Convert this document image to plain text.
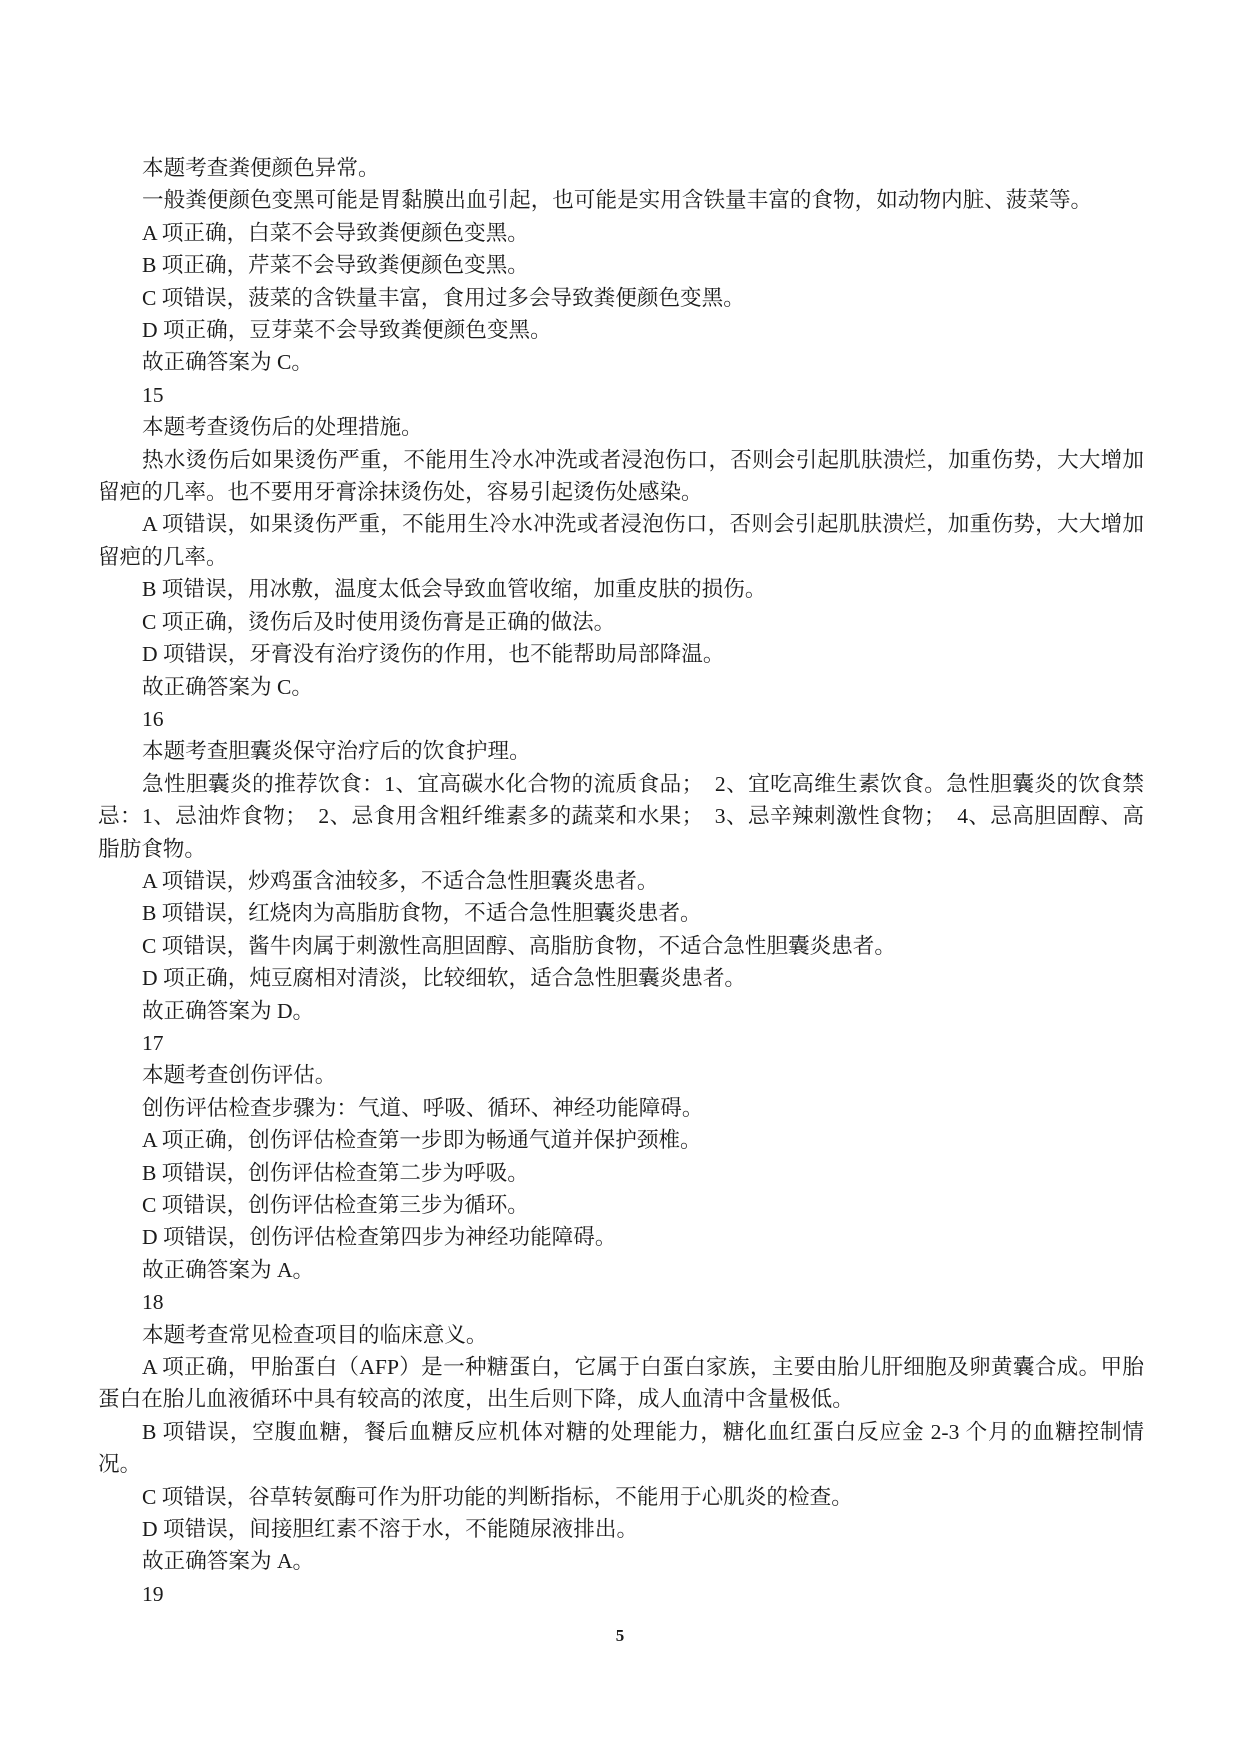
本题考查粪便颜色异常。

一般粪便颜色变黑可能是胃黏膜出血引起，也可能是实用含铁量丰富的食物，如动物内脏、菠菜等。

A 项正确，白菜不会导致粪便颜色变黑。

B 项正确，芹菜不会导致粪便颜色变黑。

C 项错误，菠菜的含铁量丰富，食用过多会导致粪便颜色变黑。

D 项正确，豆芽菜不会导致粪便颜色变黑。

故正确答案为 C。

15

本题考查烫伤后的处理措施。

热水烫伤后如果烫伤严重，不能用生冷水冲洗或者浸泡伤口，否则会引起肌肤溃烂，加重伤势，大大增加留疤的几率。也不要用牙膏涂抹烫伤处，容易引起烫伤处感染。

A 项错误，如果烫伤严重，不能用生冷水冲洗或者浸泡伤口，否则会引起肌肤溃烂，加重伤势，大大增加留疤的几率。

B 项错误，用冰敷，温度太低会导致血管收缩，加重皮肤的损伤。

C 项正确，烫伤后及时使用烫伤膏是正确的做法。

D 项错误，牙膏没有治疗烫伤的作用，也不能帮助局部降温。

故正确答案为 C。

16

本题考查胆囊炎保守治疗后的饮食护理。

急性胆囊炎的推荐饮食：1、宜高碳水化合物的流质食品；　2、宜吃高维生素饮食。急性胆囊炎的饮食禁忌：1、忌油炸食物；　2、忌食用含粗纤维素多的蔬菜和水果；　3、忌辛辣刺激性食物；　4、忌高胆固醇、高脂肪食物。

A 项错误，炒鸡蛋含油较多，不适合急性胆囊炎患者。

B 项错误，红烧肉为高脂肪食物，不适合急性胆囊炎患者。

C 项错误，酱牛肉属于刺激性高胆固醇、高脂肪食物，不适合急性胆囊炎患者。

D 项正确，炖豆腐相对清淡，比较细软，适合急性胆囊炎患者。

故正确答案为 D。

17

本题考查创伤评估。

创伤评估检查步骤为：气道、呼吸、循环、神经功能障碍。

A 项正确，创伤评估检查第一步即为畅通气道并保护颈椎。

B 项错误，创伤评估检查第二步为呼吸。

C 项错误，创伤评估检查第三步为循环。

D 项错误，创伤评估检查第四步为神经功能障碍。

故正确答案为 A。

18

本题考查常见检查项目的临床意义。

A 项正确，甲胎蛋白（AFP）是一种糖蛋白，它属于白蛋白家族，主要由胎儿肝细胞及卵黄囊合成。甲胎蛋白在胎儿血液循环中具有较高的浓度，出生后则下降，成人血清中含量极低。

B 项错误，空腹血糖，餐后血糖反应机体对糖的处理能力，糖化血红蛋白反应金 2-3 个月的血糖控制情况。

C 项错误，谷草转氨酶可作为肝功能的判断指标，不能用于心肌炎的检查。

D 项错误，间接胆红素不溶于水，不能随尿液排出。

故正确答案为 A。

19

5
